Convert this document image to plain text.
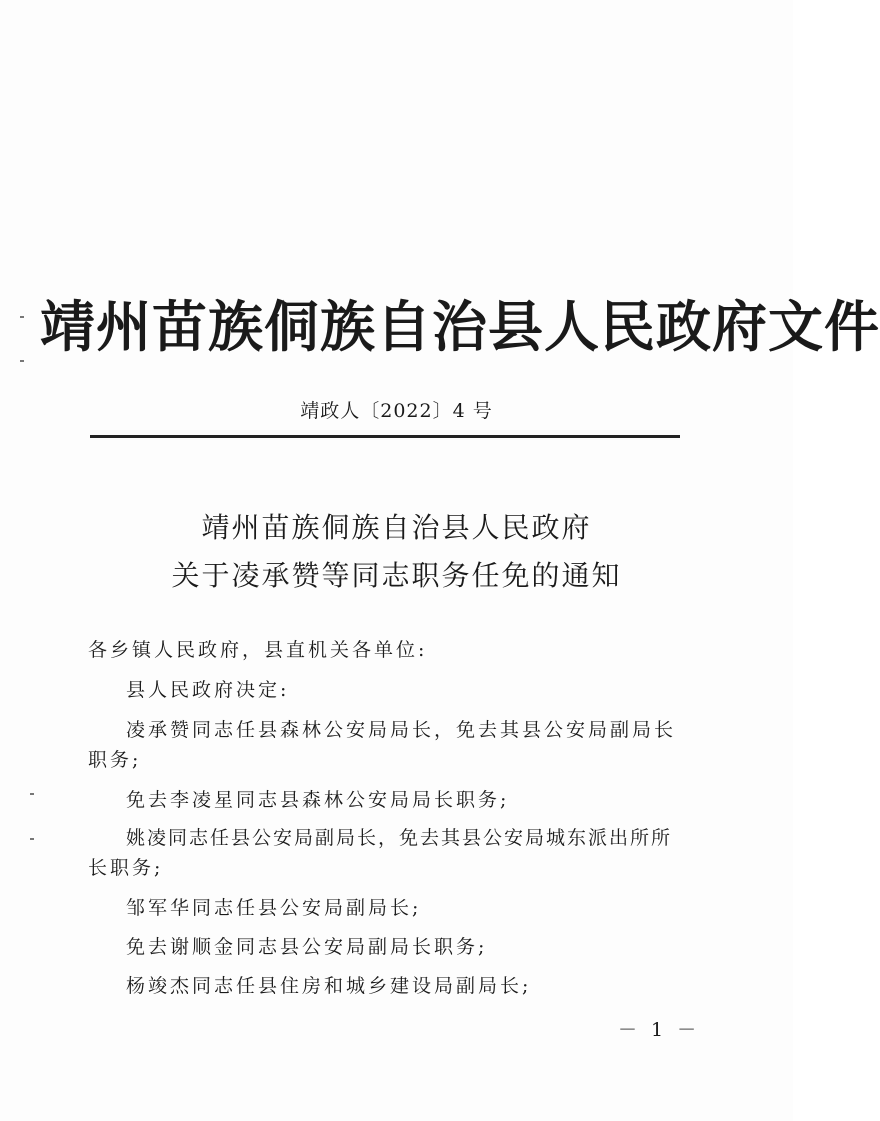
靖州苗族侗族自治县人民政府文件
靖政人〔2022〕4 号
靖州苗族侗族自治县人民政府
关于凌承赞等同志职务任免的通知
各乡镇人民政府，县直机关各单位:
县人民政府决定:
凌承赞同志任县森林公安局局长，免去其县公安局副局长
职务;
免去李凌星同志县森林公安局局长职务;
姚凌同志任县公安局副局长，免去其县公安局城东派出所所
长职务;
邹军华同志任县公安局副局长;
免去谢顺金同志县公安局副局长职务;
杨竣杰同志任县住房和城乡建设局副局长;
－ 1 －
